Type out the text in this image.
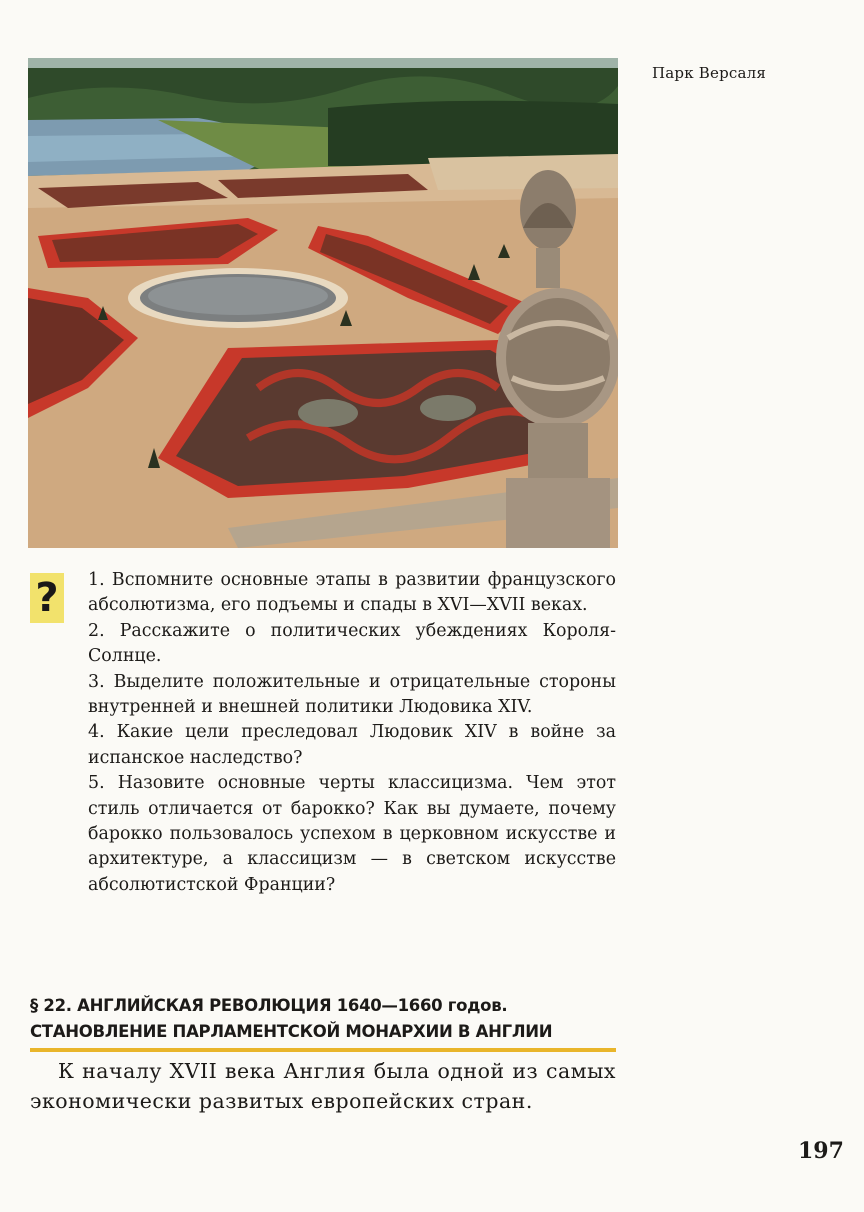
Парк Версаля
?	1. Вспомните основные этапы в развитии французского абсолютизма, его подъемы и спады в XVI—XVII веках.

2. Расскажите о политических убеждениях Короля-Солнце.

3. Выделите положительные и отрицательные стороны внутренней и внешней политики Людовика XIV.

4. Какие цели преследовал Людовик XIV в войне за испанское наследство?

5. Назовите основные черты классицизма. Чем этот стиль отличается от барокко? Как вы думаете, почему барокко пользовалось успехом в церковном искусстве и архитектуре, а классицизм — в светском искусстве абсолютистской Франции?

§ 22. АНГЛИЙСКАЯ РЕВОЛЮЦИЯ 1640—1660 годов.
СТАНОВЛЕНИЕ ПАРЛАМЕНТСКОЙ МОНАРХИИ В АНГЛИИ

К началу XVII века Англия была одной из самых экономически развитых европейских стран.

197
